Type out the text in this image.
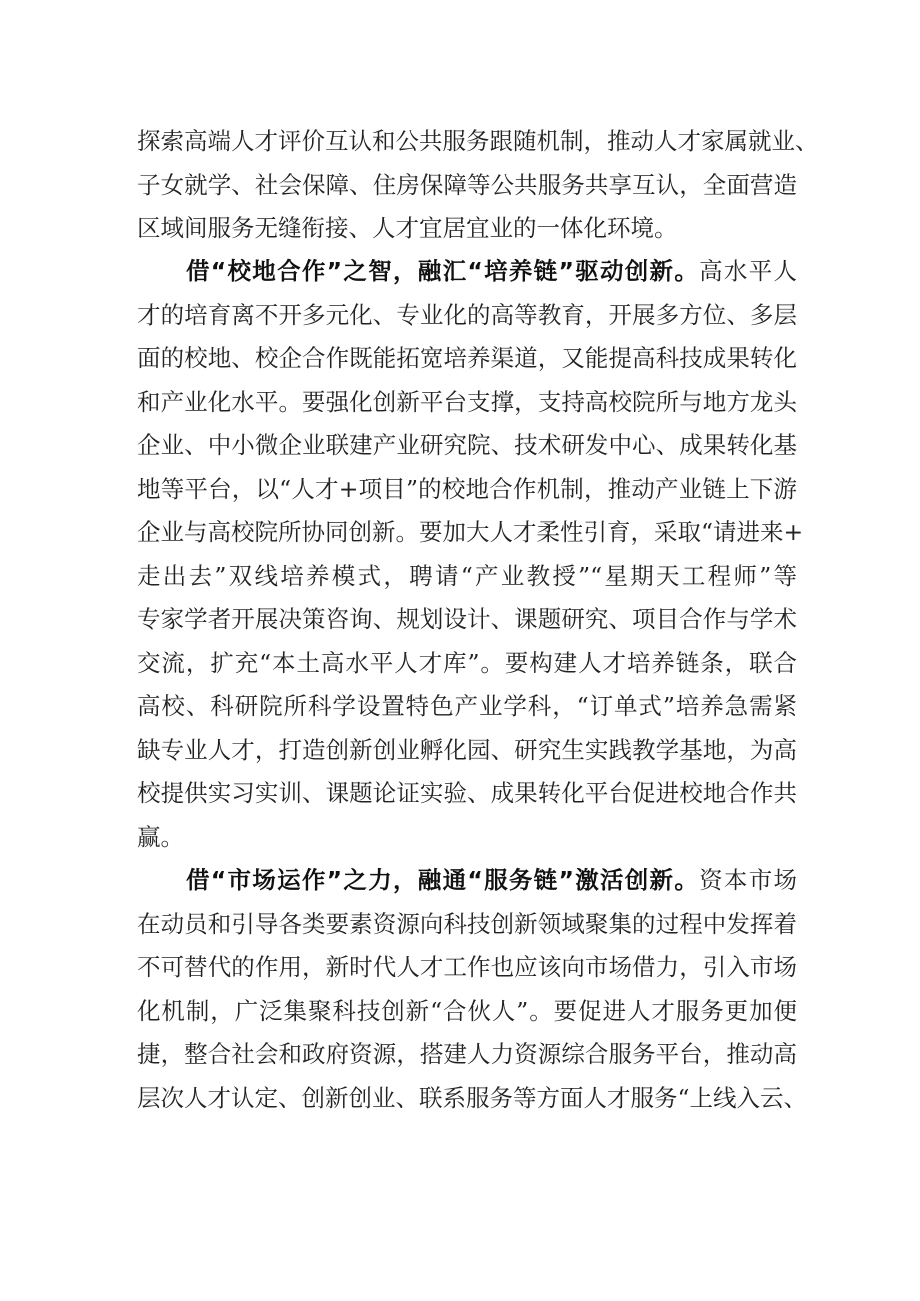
探索高端人才评价互认和公共服务跟随机制，推动人才家属就业、
子女就学、社会保障、住房保障等公共服务共享互认，全面营造
区域间服务无缝衔接、人才宜居宜业的一体化环境。
借“校地合作”之智，融汇“培养链”驱动创新。高水平人
才的培育离不开多元化、专业化的高等教育，开展多方位、多层
面的校地、校企合作既能拓宽培养渠道，又能提高科技成果转化
和产业化水平。要强化创新平台支撑，支持高校院所与地方龙头
企业、中小微企业联建产业研究院、技术研发中心、成果转化基
地等平台，以“人才+项目”的校地合作机制，推动产业链上下游
企业与高校院所协同创新。要加大人才柔性引育，采取“请进来+
走出去”双线培养模式，聘请“产业教授”“星期天工程师”等
专家学者开展决策咨询、规划设计、课题研究、项目合作与学术
交流，扩充“本土高水平人才库”。要构建人才培养链条，联合
高校、科研院所科学设置特色产业学科，“订单式”培养急需紧
缺专业人才，打造创新创业孵化园、研究生实践教学基地，为高
校提供实习实训、课题论证实验、成果转化平台促进校地合作共
赢。
借“市场运作”之力，融通“服务链”激活创新。资本市场
在动员和引导各类要素资源向科技创新领域聚集的过程中发挥着
不可替代的作用，新时代人才工作也应该向市场借力，引入市场
化机制，广泛集聚科技创新“合伙人”。要促进人才服务更加便
捷，整合社会和政府资源，搭建人力资源综合服务平台，推动高
层次人才认定、创新创业、联系服务等方面人才服务“上线入云、
